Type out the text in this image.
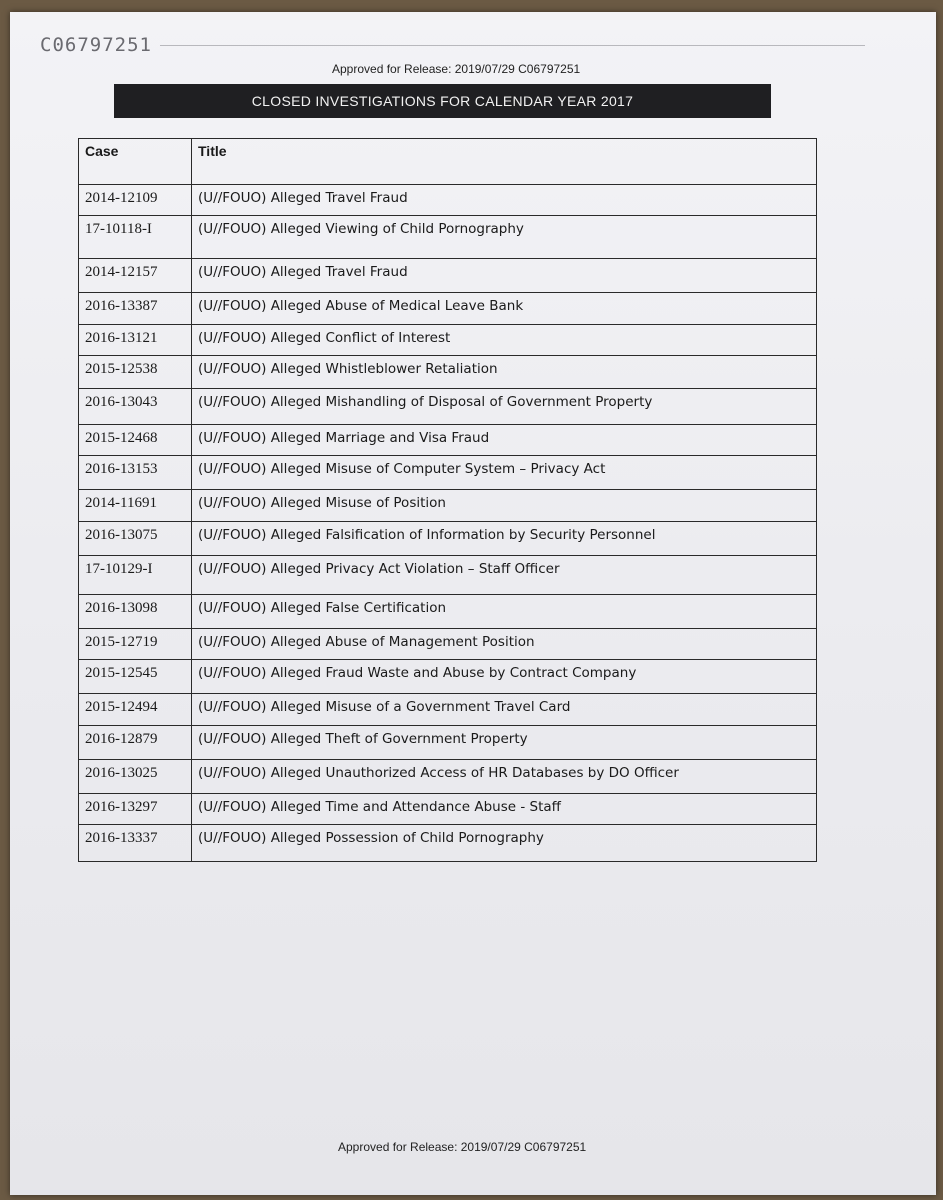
C06797251
Approved for Release: 2019/07/29 C06797251
CLOSED INVESTIGATIONS FOR CALENDAR YEAR 2017
Case	Title
2014-12109	(U//FOUO) Alleged Travel Fraud
17-10118-I	(U//FOUO) Alleged Viewing of Child Pornography
2014-12157	(U//FOUO) Alleged Travel Fraud
2016-13387	(U//FOUO) Alleged Abuse of Medical Leave Bank
2016-13121	(U//FOUO) Alleged Conflict of Interest
2015-12538	(U//FOUO) Alleged Whistleblower Retaliation
2016-13043	(U//FOUO) Alleged Mishandling of Disposal of Government Property
2015-12468	(U//FOUO) Alleged Marriage and Visa Fraud
2016-13153	(U//FOUO) Alleged Misuse of Computer System – Privacy Act
2014-11691	(U//FOUO) Alleged Misuse of Position
2016-13075	(U//FOUO) Alleged Falsification of Information by Security Personnel
17-10129-I	(U//FOUO) Alleged Privacy Act Violation – Staff Officer
2016-13098	(U//FOUO) Alleged False Certification
2015-12719	(U//FOUO) Alleged Abuse of Management Position
2015-12545	(U//FOUO) Alleged Fraud Waste and Abuse by Contract Company
2015-12494	(U//FOUO) Alleged Misuse of a Government Travel Card
2016-12879	(U//FOUO) Alleged Theft of Government Property
2016-13025	(U//FOUO) Alleged Unauthorized Access of HR Databases by DO Officer
2016-13297	(U//FOUO) Alleged Time and Attendance Abuse - Staff
2016-13337	(U//FOUO) Alleged Possession of Child Pornography
Approved for Release: 2019/07/29 C06797251
